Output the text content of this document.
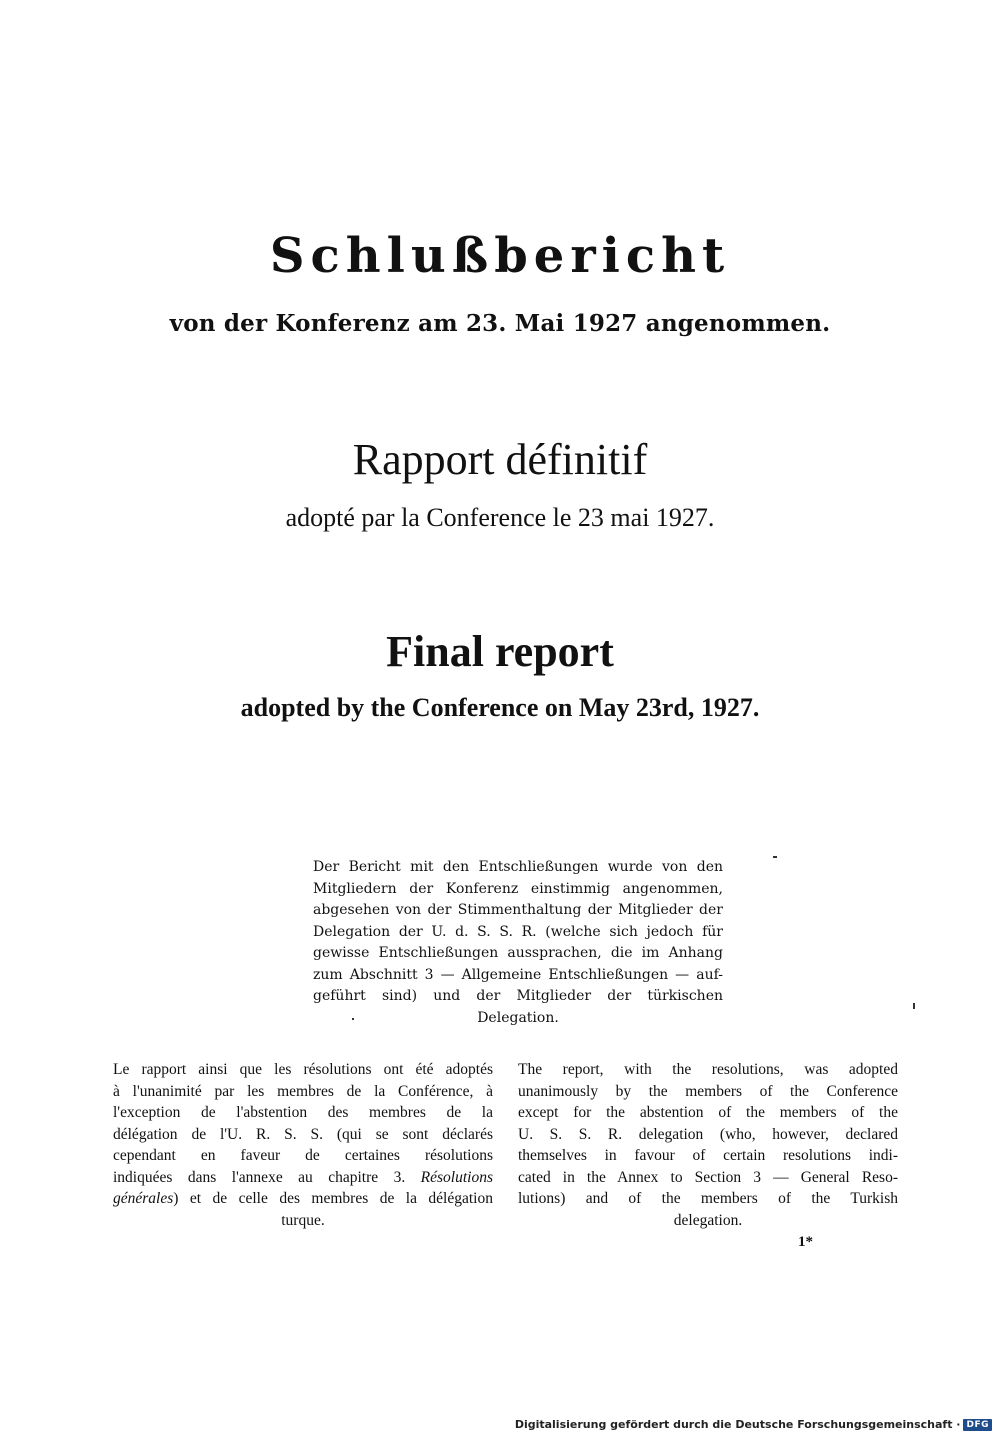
Schlußbericht
von der Konferenz am 23. Mai 1927 angenommen.
Rapport définitif
adopté par la Conference le 23 mai 1927.
Final report
adopted by the Conference on May 23rd, 1927.
Der Bericht mit den Entschließungen wurde von den
Mitgliedern der Konferenz einstimmig angenommen,
abgesehen von der Stimmenthaltung der Mitglieder der
Delegation der U. d. S. S. R. (welche sich jedoch für
gewisse Entschließungen aussprachen, die im Anhang
zum Abschnitt 3 — Allgemeine Entschließungen — auf-
geführt sind) und der Mitglieder der türkischen
Delegation.
Le rapport ainsi que les résolutions ont été adoptés
à l'unanimité par les membres de la Conférence, à
l'exception de l'abstention des membres de la
délégation de l'U. R. S. S. (qui se sont déclarés
cependant en faveur de certaines résolutions
indiquées dans l'annexe au chapitre 3. Résolutions
générales) et de celle des membres de la délégation
turque.
The report, with the resolutions, was adopted
unanimously by the members of the Conference
except for the abstention of the members of the
U. S. S. R. delegation (who, however, declared
themselves in favour of certain resolutions indi-
cated in the Annex to Section 3 — General Reso-
lutions) and of the members of the Turkish
delegation.
1*
Digitalisierung gefördert durch die Deutsche Forschungsgemeinschaft · DFG
